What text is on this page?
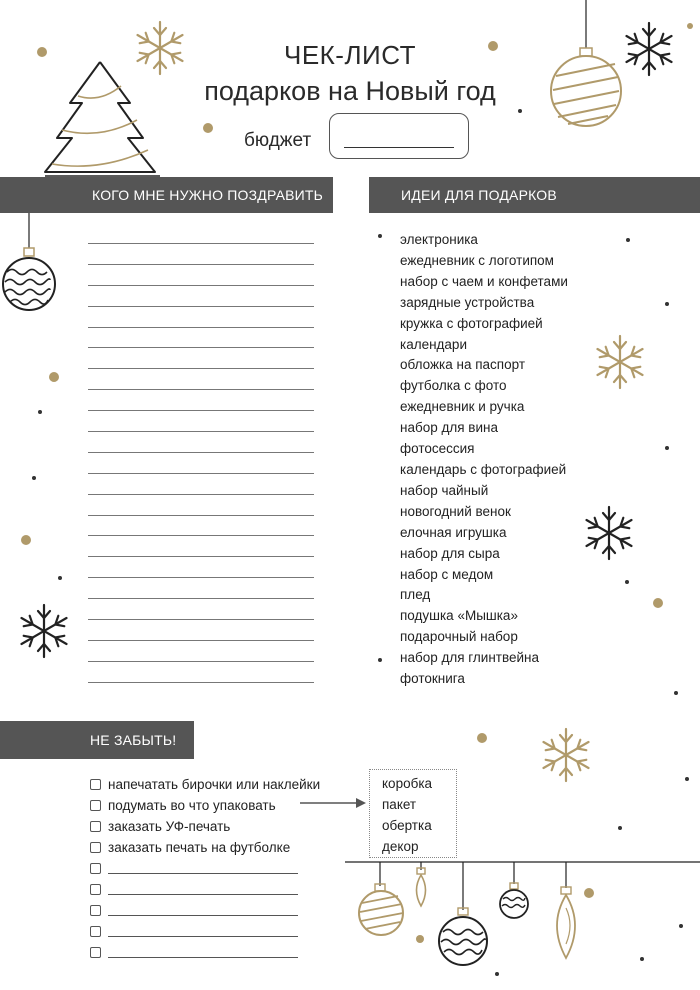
ЧЕК-ЛИСТ
подарков на Новый год
бюджет
КОГО МНЕ НУЖНО ПОЗДРАВИТЬ	ИДЕИ ДЛЯ ПОДАРКОВ
НЕ ЗАБЫТЬ!
электроника
ежедневник с логотипом
набор с чаем и конфетами
зарядные устройства
кружка с фотографией
календари
обложка на паспорт
футболка с фото
ежедневник и ручка
набор для вина
фотосессия
календарь с фотографией
набор чайный
новогодний венок
елочная игрушка
набор для сыра
набор с медом
плед
подушка «Мышка»
подарочный набор
набор для глинтвейна
фотокнига
напечатать бирочки или наклейки
подумать во что упаковать
заказать УФ-печать
заказать печать на футболке
коробка
пакет
обертка
декор
